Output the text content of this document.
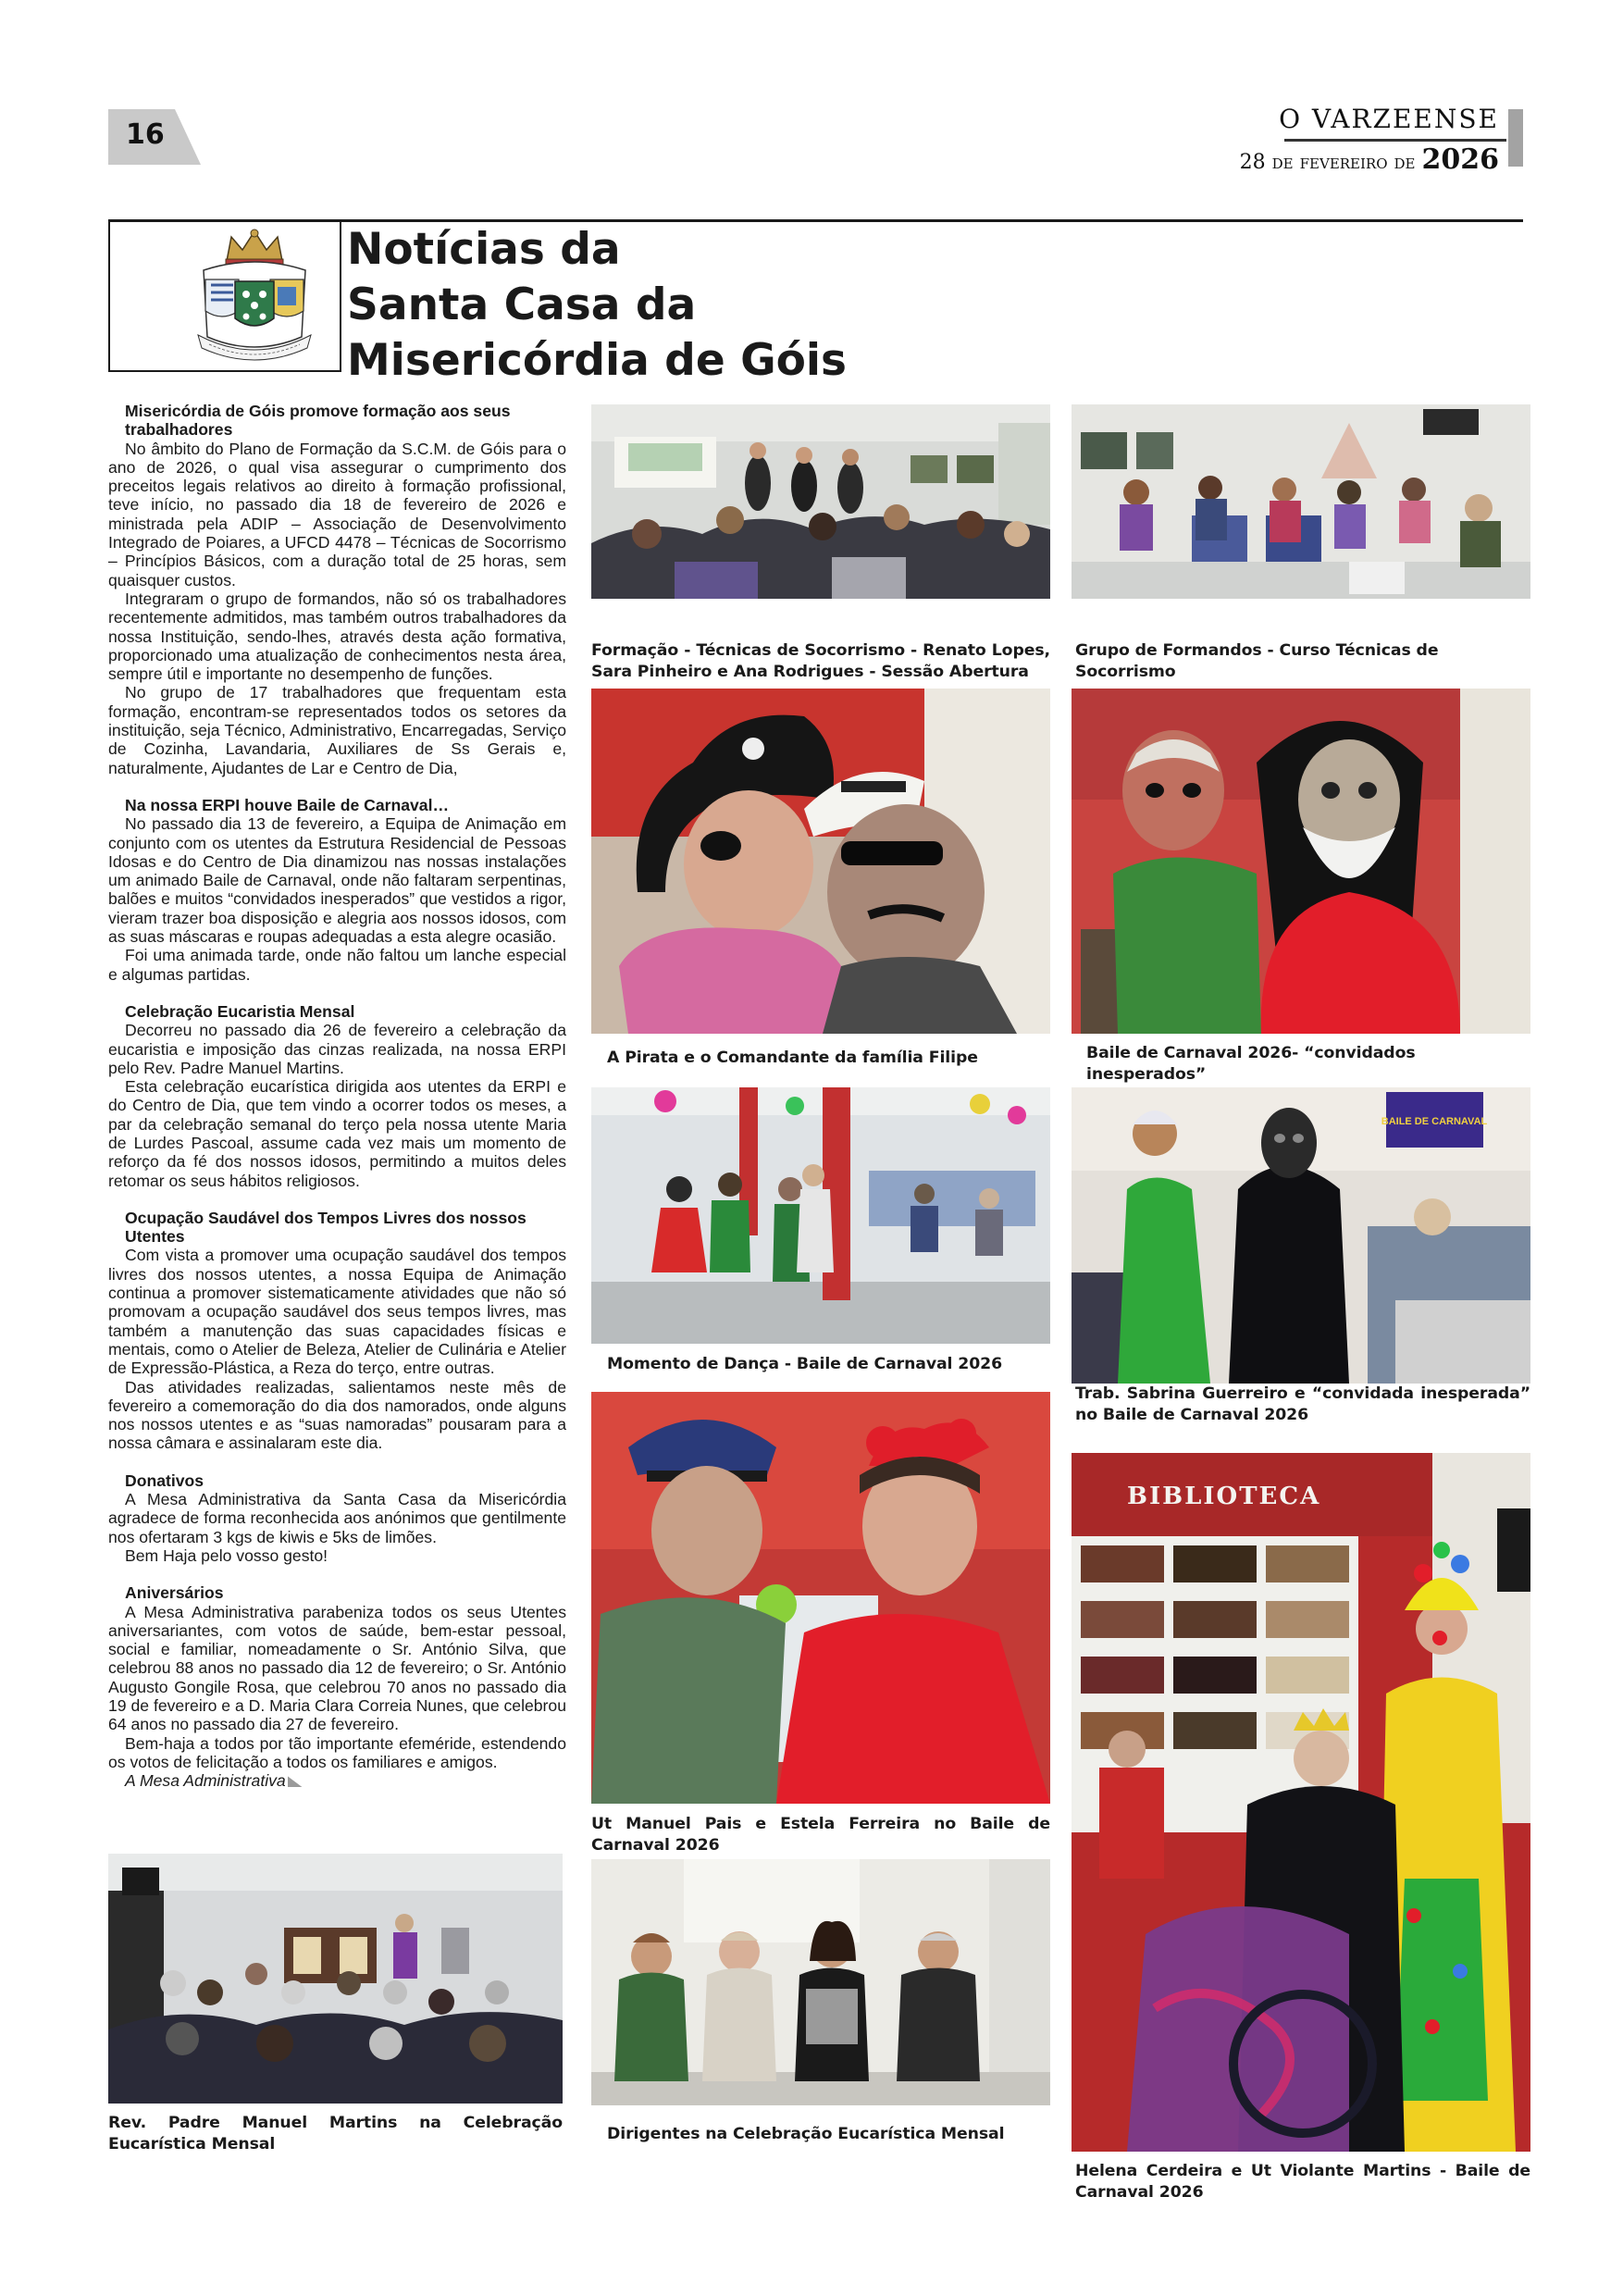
16	O VARZEENSE
28 de fevereiro de 2026
Notícias da
Santa Casa da
Misericórdia de Góis
Misericórdia de Góis promove formação aos seus trabalhadores

No âmbito do Plano de Formação da S.C.M. de Góis para o ano de 2026, o qual visa assegurar o cumprimento dos preceitos legais relativos ao direito à formação profissional, teve início, no passado dia 18 de fevereiro de 2026 e ministrada pela ADIP – Associação de Desenvolvimento Integrado de Poiares, a UFCD 4478 – Técnicas de Socorrismo – Princípios Básicos, com a duração total de 25 horas, sem quaisquer custos.

Integraram o grupo de formandos, não só os trabalhadores recentemente admitidos, mas também outros trabalhadores da nossa Instituição, sendo-lhes, através desta ação formativa, proporcionado uma atualização de conhecimentos nesta área, sempre útil e importante no desempenho de funções.

No grupo de 17 trabalhadores que frequentam esta formação, encontram-se representados todos os setores da instituição, seja Técnico, Administrativo, Encarregadas, Serviço de Cozinha, Lavandaria, Auxiliares de Ss Gerais e, naturalmente, Ajudantes de Lar e Centro de Dia,

Na nossa ERPI houve Baile de Carnaval…

No passado dia 13 de fevereiro, a Equipa de Animação em conjunto com os utentes da Estrutura Residencial de Pessoas Idosas e do Centro de Dia dinamizou nas nossas instalações um animado Baile de Carnaval, onde não faltaram serpentinas, balões e muitos “convidados inesperados” que vestidos a rigor, vieram trazer boa disposição e alegria aos nossos idosos, com as suas máscaras e roupas adequadas a esta alegre ocasião.

Foi uma animada tarde, onde não faltou um lanche especial e algumas partidas.

Celebração Eucaristia Mensal

Decorreu no passado dia 26 de fevereiro a celebração da eucaristia e imposição das cinzas realizada, na nossa ERPI pelo Rev. Padre Manuel Martins.

Esta celebração eucarística dirigida aos utentes da ERPI e do Centro de Dia, que tem vindo a ocorrer todos os meses, a par da celebração semanal do terço pela nossa utente Maria de Lurdes Pascoal, assume cada vez mais um momento de reforço da fé dos nossos idosos, permitindo a muitos deles retomar os seus hábitos religiosos.

Ocupação Saudável dos Tempos Livres dos nossos Utentes

Com vista a promover uma ocupação saudável dos tempos livres dos nossos utentes, a nossa Equipa de Animação continua a promover sistematicamente atividades que não só promovam a ocupação saudável dos seus tempos livres, mas também a manutenção das suas capacidades físicas e mentais, como o Atelier de Beleza, Atelier de Culinária e Atelier de Expressão-Plástica, a Reza do terço, entre outras.

Das atividades realizadas, salientamos neste mês de fevereiro a comemoração do dia dos namorados, onde alguns nos nossos utentes e as “suas namoradas” pousaram para a nossa câmara e assinalaram este dia.

Donativos

A Mesa Administrativa da Santa Casa da Misericórdia agradece de forma reconhecida aos anónimos que gentilmente nos ofertaram 3 kgs de kiwis e 5ks de limões.

Bem Haja pelo vosso gesto!

Aniversários

A Mesa Administrativa parabeniza todos os seus Utentes aniversariantes, com votos de saúde, bem-estar pessoal, social e familiar, nomeadamente o Sr. António Silva, que celebrou 88 anos no passado dia 12 de fevereiro; o Sr. António Augusto Gongile Rosa, que celebrou 70 anos no passado dia 19 de fevereiro e a D. Maria Clara Correia Nunes, que celebrou 64 anos no passado dia 27 de fevereiro.

Bem-haja a todos por tão importante efeméride, estendendo os votos de felicitação a todos os familiares e amigos.

A Mesa Administrativa
Formação - Técnicas de Socorrismo - Renato Lopes, Sara Pinheiro e Ana Rodrigues - Sessão Abertura
Grupo de Formandos - Curso Técnicas de Socorrismo
A Pirata e o Comandante da família Filipe	Baile de Carnaval 2026- “convidados inesperados”
Momento de Dança - Baile de Carnaval 2026
BAILE DE CARNAVAL
Trab. Sabrina Guerreiro e “convidada inesperada” no Baile de Carnaval 2026
Ut Manuel Pais e Estela Ferreira no Baile de Carnaval 2026
BIBLIOTECA
Helena Cerdeira e Ut Violante Martins - Baile de Carnaval 2026
Rev. Padre Manuel Martins na Celebração Eucarística Mensal
Dirigentes na Celebração Eucarística Mensal
